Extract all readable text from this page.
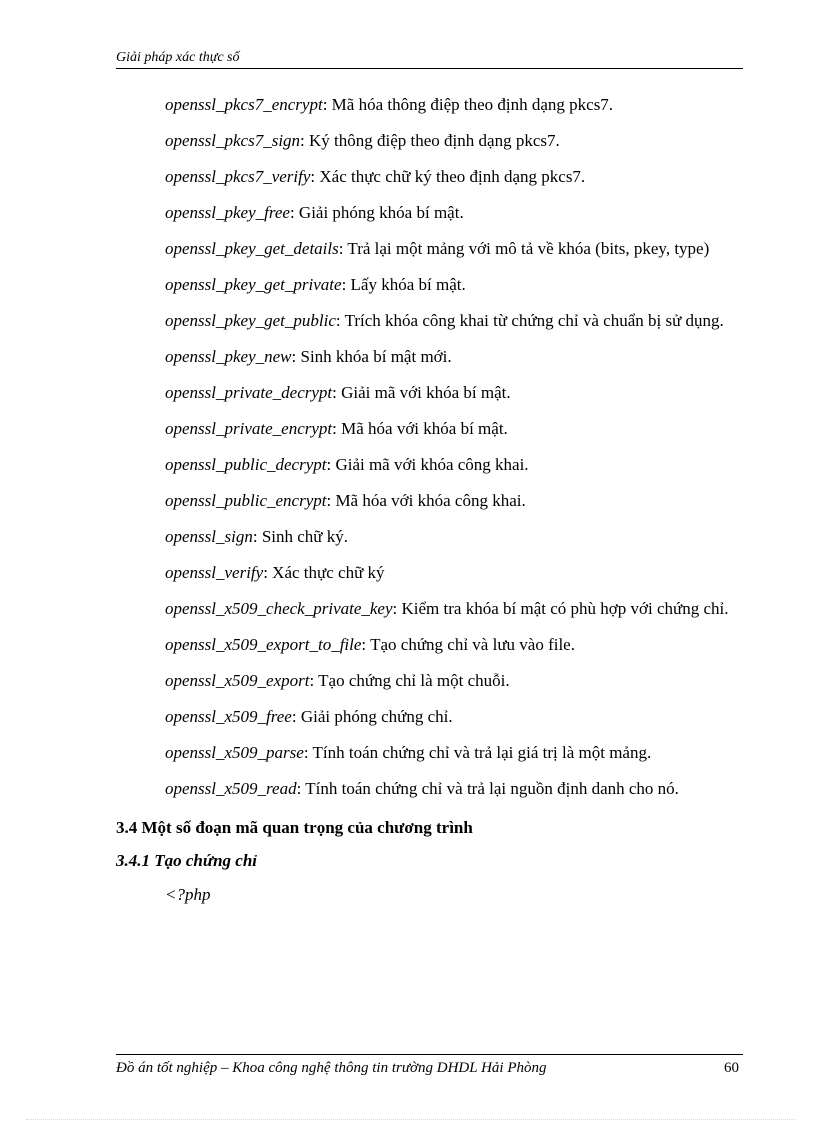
Giải pháp xác thực số

openssl_pkcs7_encrypt: Mã hóa thông điệp theo định dạng pkcs7.

openssl_pkcs7_sign: Ký thông điệp theo định dạng pkcs7.

openssl_pkcs7_verify: Xác thực chữ ký theo định dạng pkcs7.

openssl_pkey_free: Giải phóng khóa bí mật.

openssl_pkey_get_details: Trả lại một mảng với mô tả về khóa (bits, pkey, type)

openssl_pkey_get_private: Lấy khóa bí mật.

openssl_pkey_get_public: Trích khóa công khai từ chứng chỉ và chuẩn bị sử dụng.

openssl_pkey_new: Sinh khóa bí mật mới.

openssl_private_decrypt: Giải mã với khóa bí mật.

openssl_private_encrypt: Mã hóa với khóa bí mật.

openssl_public_decrypt: Giải mã với khóa công khai.

openssl_public_encrypt: Mã hóa với khóa công khai.

openssl_sign: Sinh chữ ký.

openssl_verify: Xác thực chữ ký

openssl_x509_check_private_key: Kiểm tra khóa bí mật có phù hợp với chứng chỉ.

openssl_x509_export_to_file: Tạo chứng chỉ và lưu vào file.

openssl_x509_export: Tạo chứng chỉ là một chuỗi.

openssl_x509_free: Giải phóng chứng chỉ.

openssl_x509_parse: Tính toán chứng chỉ và trả lại giá trị là một mảng.

openssl_x509_read: Tính toán chứng chỉ và trả lại nguồn định danh cho nó.

3.4 Một số đoạn mã quan trọng của chương trình
3.4.1 Tạo chứng chỉ
<?php
Đồ án tốt nghiệp – Khoa công nghệ thông tin trường DHDL Hải Phòng	60
